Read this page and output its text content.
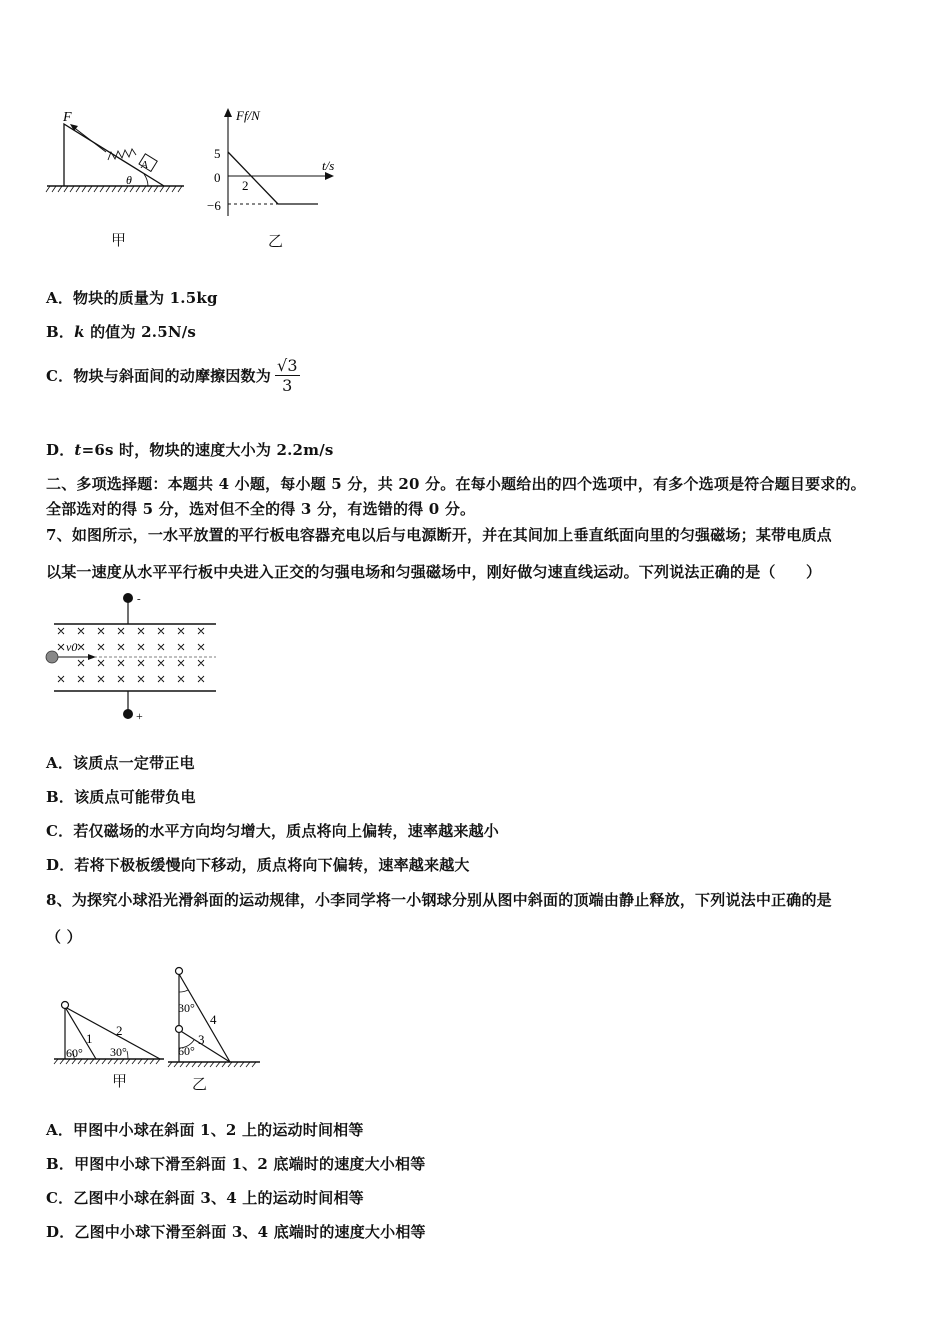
F
A
θ
甲
Ff/N
t/s
5
0
−6
2
乙
A．物块的质量为 1.5kg
B．k 的值为 2.5N/s
C．物块与斜面间的动摩擦因数为 $\frac{√3}{3}$
D．t=6s 时，物块的速度大小为 2.2m/s
二、多项选择题：本题共 4 小题，每小题 5 分，共 20 分。在每小题给出的四个选项中，有多个选项是符合题目要求的。
全部选对的得 5 分，选对但不全的得 3 分，有选错的得 0 分。
7、如图所示，一水平放置的平行板电容器充电以后与电源断开，并在其间加上垂直纸面向里的匀强磁场；某带电质点
以某一速度从水平平行板中央进入正交的匀强电场和匀强磁场中，刚好做匀速直线运动。下列说法正确的是（　　）
-
+
v0
A．该质点一定带正电
B．该质点可能带负电
C．若仅磁场的水平方向均匀增大，质点将向上偏转，速率越来越小
D．若将下极板缓慢向下移动，质点将向下偏转，速率越来越大
8、为探究小球沿光滑斜面的运动规律，小李同学将一小钢球分别从图中斜面的顶端由静止释放，下列说法中正确的是
（ ）
1
2
60° 30°
甲
4
3
30°
60°
乙
A．甲图中小球在斜面 1、2 上的运动时间相等
B．甲图中小球下滑至斜面 1、2 底端时的速度大小相等
C．乙图中小球在斜面 3、4 上的运动时间相等
D．乙图中小球下滑至斜面 3、4 底端时的速度大小相等
